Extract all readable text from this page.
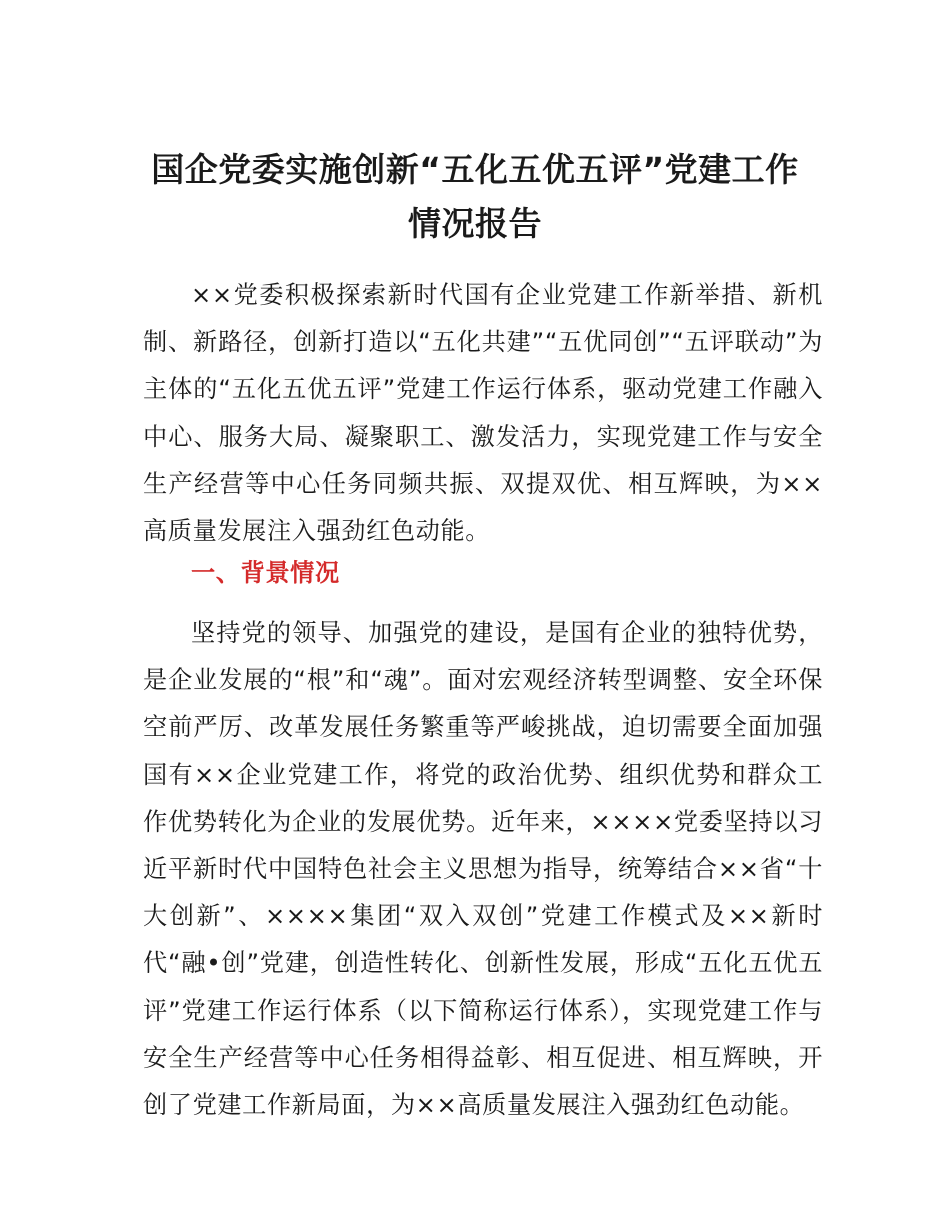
国企党委实施创新“五化五优五评”党建工作
情况报告

××党委积极探索新时代国有企业党建工作新举措、新机制、新路径，创新打造以“五化共建”“五优同创”“五评联动”为主体的“五化五优五评”党建工作运行体系，驱动党建工作融入中心、服务大局、凝聚职工、激发活力，实现党建工作与安全生产经营等中心任务同频共振、双提双优、相互辉映，为××高质量发展注入强劲红色动能。

一、背景情况

坚持党的领导、加强党的建设，是国有企业的独特优势，是企业发展的“根”和“魂”。面对宏观经济转型调整、安全环保空前严厉、改革发展任务繁重等严峻挑战，迫切需要全面加强国有××企业党建工作，将党的政治优势、组织优势和群众工作优势转化为企业的发展优势。近年来，××××党委坚持以习近平新时代中国特色社会主义思想为指导，统筹结合××省“十大创新”、××××集团“双入双创”党建工作模式及××新时代“融•创”党建，创造性转化、创新性发展，形成“五化五优五评”党建工作运行体系（以下简称运行体系），实现党建工作与安全生产经营等中心任务相得益彰、相互促进、相互辉映，开创了党建工作新局面，为××高质量发展注入强劲红色动能。
